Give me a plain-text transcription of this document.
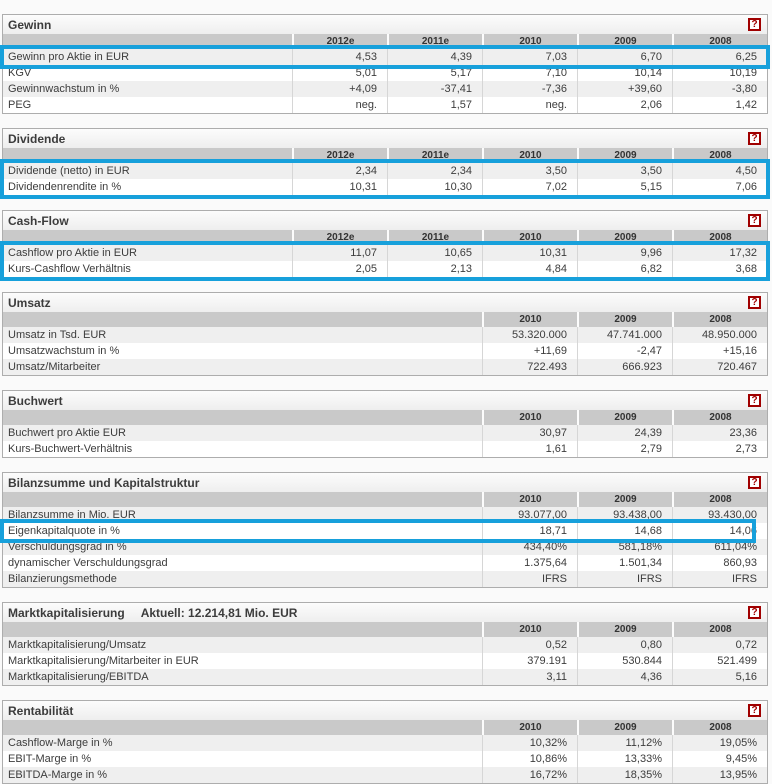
Gewinn	?
2012e	2011e	2010	2009	2008
Gewinn pro Aktie in EUR	4,53	4,39	7,03	6,70	6,25
KGV	5,01	5,17	7,10	10,14	10,19
Gewinnwachstum in %	+4,09	-37,41	-7,36	+39,60	-3,80
PEG	neg.	1,57	neg.	2,06	1,42
Dividende	?
2012e	2011e	2010	2009	2008
Dividende (netto) in EUR	2,34	2,34	3,50	3,50	4,50
Dividendenrendite in %	10,31	10,30	7,02	5,15	7,06
Cash-Flow	?
2012e	2011e	2010	2009	2008
Cashflow pro Aktie in EUR	11,07	10,65	10,31	9,96	17,32
Kurs-Cashflow Verhältnis	2,05	2,13	4,84	6,82	3,68
Umsatz	?
2010	2009	2008
Umsatz in Tsd. EUR	53.320.000	47.741.000	48.950.000
Umsatzwachstum in %	+11,69	-2,47	+15,16
Umsatz/Mitarbeiter	722.493	666.923	720.467
Buchwert	?
2010	2009	2008
Buchwert pro Aktie EUR	30,97	24,39	23,36
Kurs-Buchwert-Verhältnis	1,61	2,79	2,73
Bilanzsumme und Kapitalstruktur	?
2010	2009	2008
Bilanzsumme in Mio. EUR	93.077,00	93.438,00	93.430,00
Eigenkapitalquote in %	18,71	14,68	14,06
Verschuldungsgrad in %	434,40%	581,18%	611,04%
dynamischer Verschuldungsgrad	1.375,64	1.501,34	860,93
Bilanzierungsmethode	IFRS	IFRS	IFRS
Marktkapitalisierung Aktuell: 12.214,81 Mio. EUR	?
2010	2009	2008
Marktkapitalisierung/Umsatz	0,52	0,80	0,72
Marktkapitalisierung/Mitarbeiter in EUR	379.191	530.844	521.499
Marktkapitalisierung/EBITDA	3,11	4,36	5,16
Rentabilität	?
2010	2009	2008
Cashflow-Marge in %	10,32%	11,12%	19,05%
EBIT-Marge in %	10,86%	13,33%	9,45%
EBITDA-Marge in %	16,72%	18,35%	13,95%
